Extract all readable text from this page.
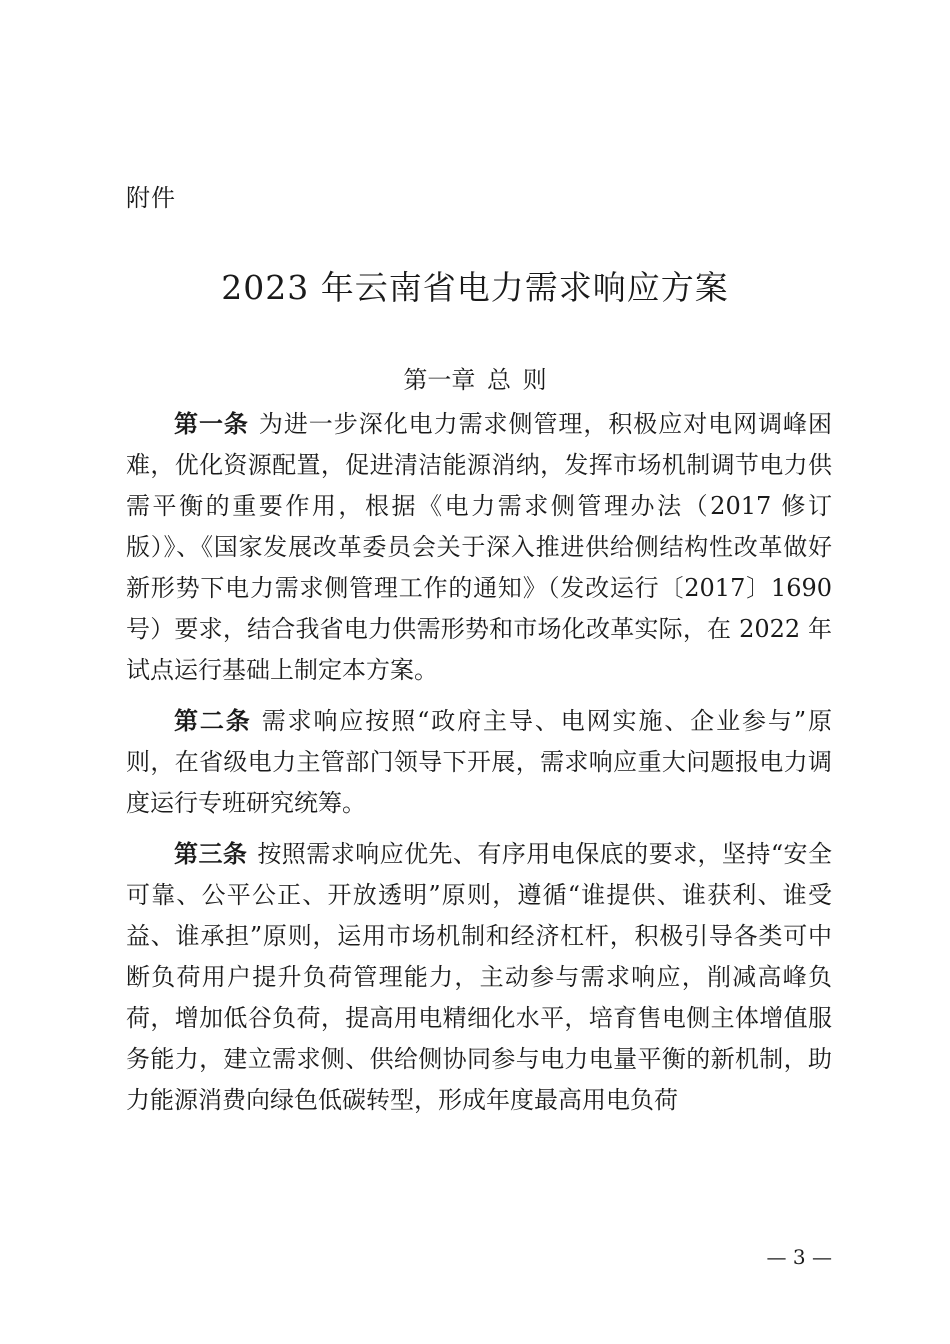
附件
2023 年云南省电力需求响应方案
第一章 总 则

第一条 为进一步深化电力需求侧管理，积极应对电网调峰困难，优化资源配置，促进清洁能源消纳，发挥市场机制调节电力供需平衡的重要作用，根据《电力需求侧管理办法（2017 修订版）》、《国家发展改革委员会关于深入推进供给侧结构性改革做好新形势下电力需求侧管理工作的通知》（发改运行〔2017〕1690 号）要求，结合我省电力供需形势和市场化改革实际，在 2022 年试点运行基础上制定本方案。

第二条 需求响应按照“政府主导、电网实施、企业参与”原则，在省级电力主管部门领导下开展，需求响应重大问题报电力调度运行专班研究统筹。

第三条 按照需求响应优先、有序用电保底的要求，坚持“安全可靠、公平公正、开放透明”原则，遵循“谁提供、谁获利、谁受益、谁承担”原则，运用市场机制和经济杠杆，积极引导各类可中断负荷用户提升负荷管理能力，主动参与需求响应，削减高峰负荷，增加低谷负荷，提高用电精细化水平，培育售电侧主体增值服务能力，建立需求侧、供给侧协同参与电力电量平衡的新机制，助力能源消费向绿色低碳转型，形成年度最高用电负荷

— 3 —
